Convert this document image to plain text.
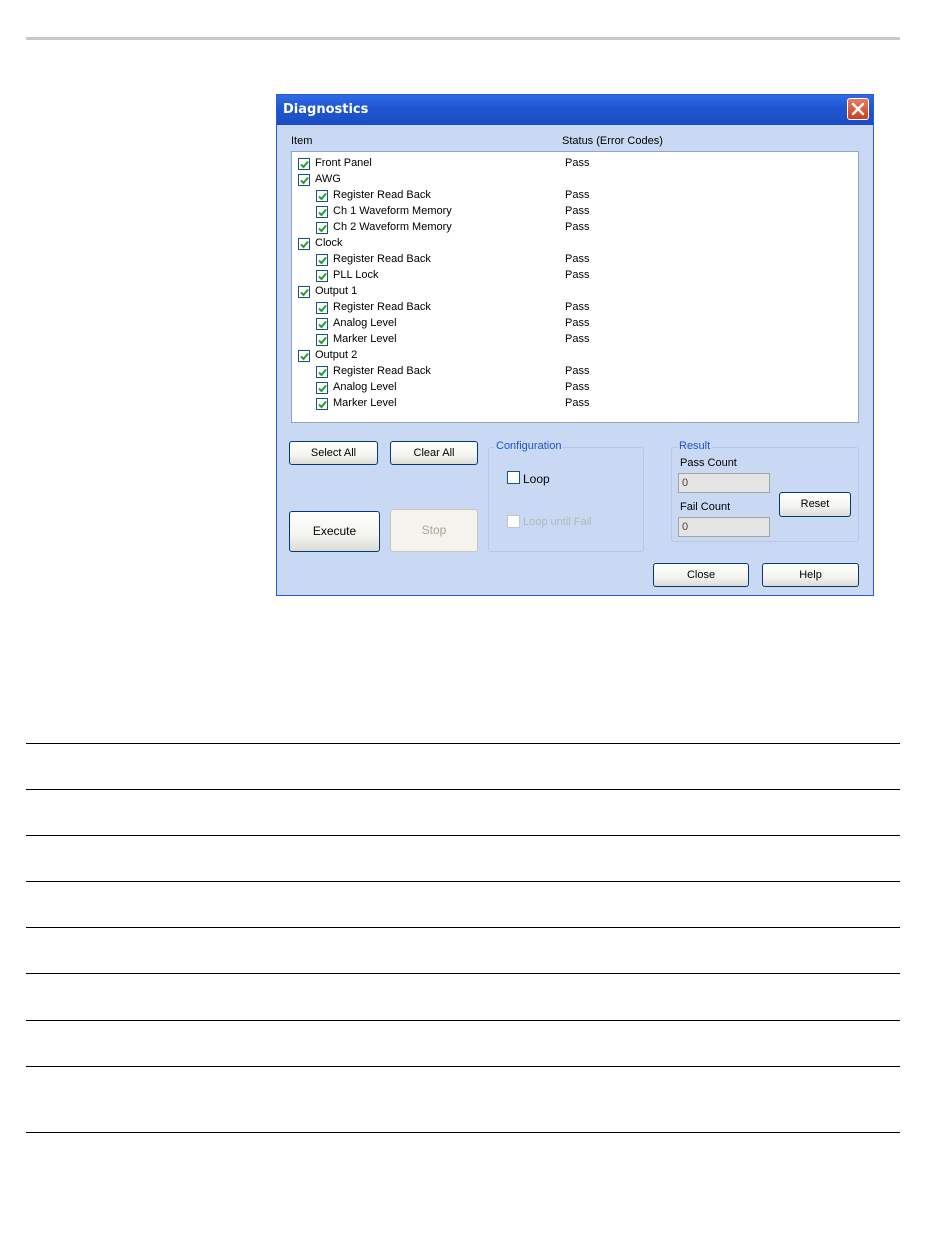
Diagnostics
Item	Status (Error Codes)
Front Panel	Pass
AWG
Register Read Back	Pass
Ch 1 Waveform Memory	Pass
Ch 2 Waveform Memory	Pass
Clock
Register Read Back	Pass
PLL Lock	Pass
Output 1
Register Read Back	Pass
Analog Level	Pass
Marker Level	Pass
Output 2
Register Read Back	Pass
Analog Level	Pass
Marker Level	Pass
Select All	Clear All
Execute	Stop
Configuration
Loop
Loop until Fail
Result
Pass Count
0
Fail Count
0
Reset
Close	Help
